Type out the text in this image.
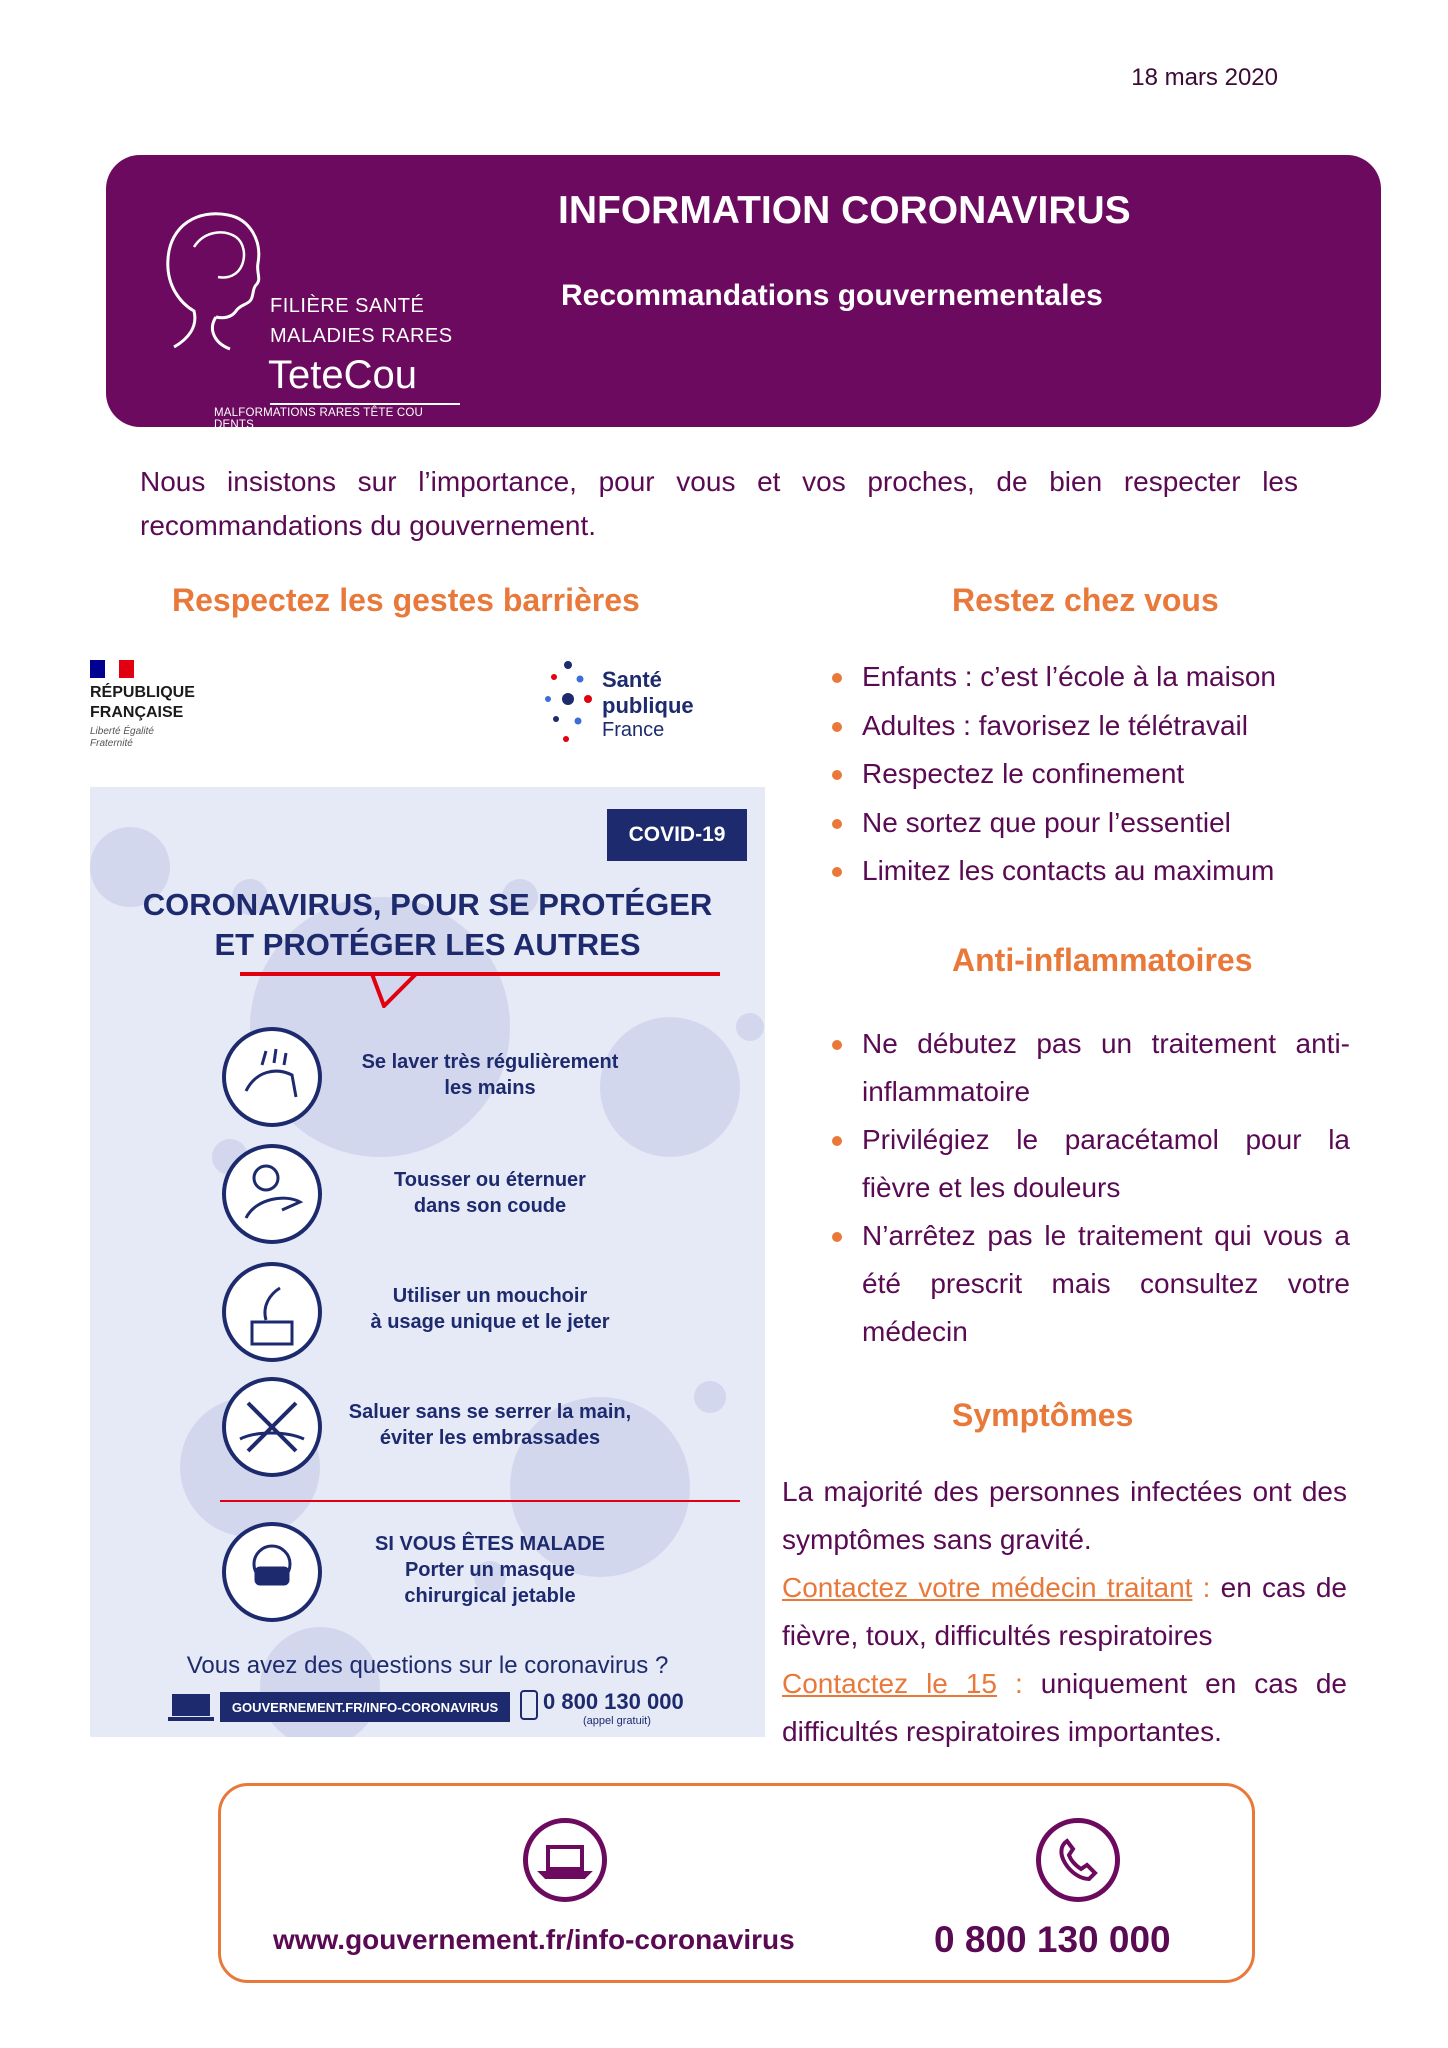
18 mars 2020
FILIÈRE SANTÉ
MALADIES RARES
TeteCou
MALFORMATIONS RARES TÊTE COU DENTS
INFORMATION CORONAVIRUS
Recommandations gouvernementales

Nous insistons sur l’importance, pour vous et vos proches, de bien respecter les recommandations du gouvernement.

Respectez les gestes barrières
RÉPUBLIQUE
FRANÇAISE
Liberté Égalité Fraternité
Santé
publique
France
COVID-19
CORONAVIRUS, POUR SE PROTÉGER
ET PROTÉGER LES AUTRES
Se laver très régulièrement
les mains
Tousser ou éternuer
dans son coude
Utiliser un mouchoir
à usage unique et le jeter
Saluer sans se serrer la main,
éviter les embrassades
SI VOUS ÊTES MALADE
Porter un masque
chirurgical jetable
Vous avez des questions sur le coronavirus ?
GOUVERNEMENT.FR/INFO-CORONAVIRUS	0 800 130 000
(appel gratuit)
Restez chez vous
Enfants : c’est l’école à la maison
Adultes : favorisez le télétravail
Respectez le confinement
Ne sortez que pour l’essentiel
Limitez les contacts au maximum
Anti-inflammatoires
Ne débutez pas un traitement anti-inflammatoire
Privilégiez le paracétamol pour la fièvre et les douleurs
N’arrêtez pas le traitement qui vous a été prescrit mais consultez votre médecin
Symptômes
La majorité des personnes infectées ont des symptômes sans gravité.
Contactez votre médecin traitant : en cas de fièvre, toux, difficultés respiratoires
Contactez le 15 : uniquement en cas de difficultés respiratoires importantes.
www.gouvernement.fr/info-coronavirus	0 800 130 000
